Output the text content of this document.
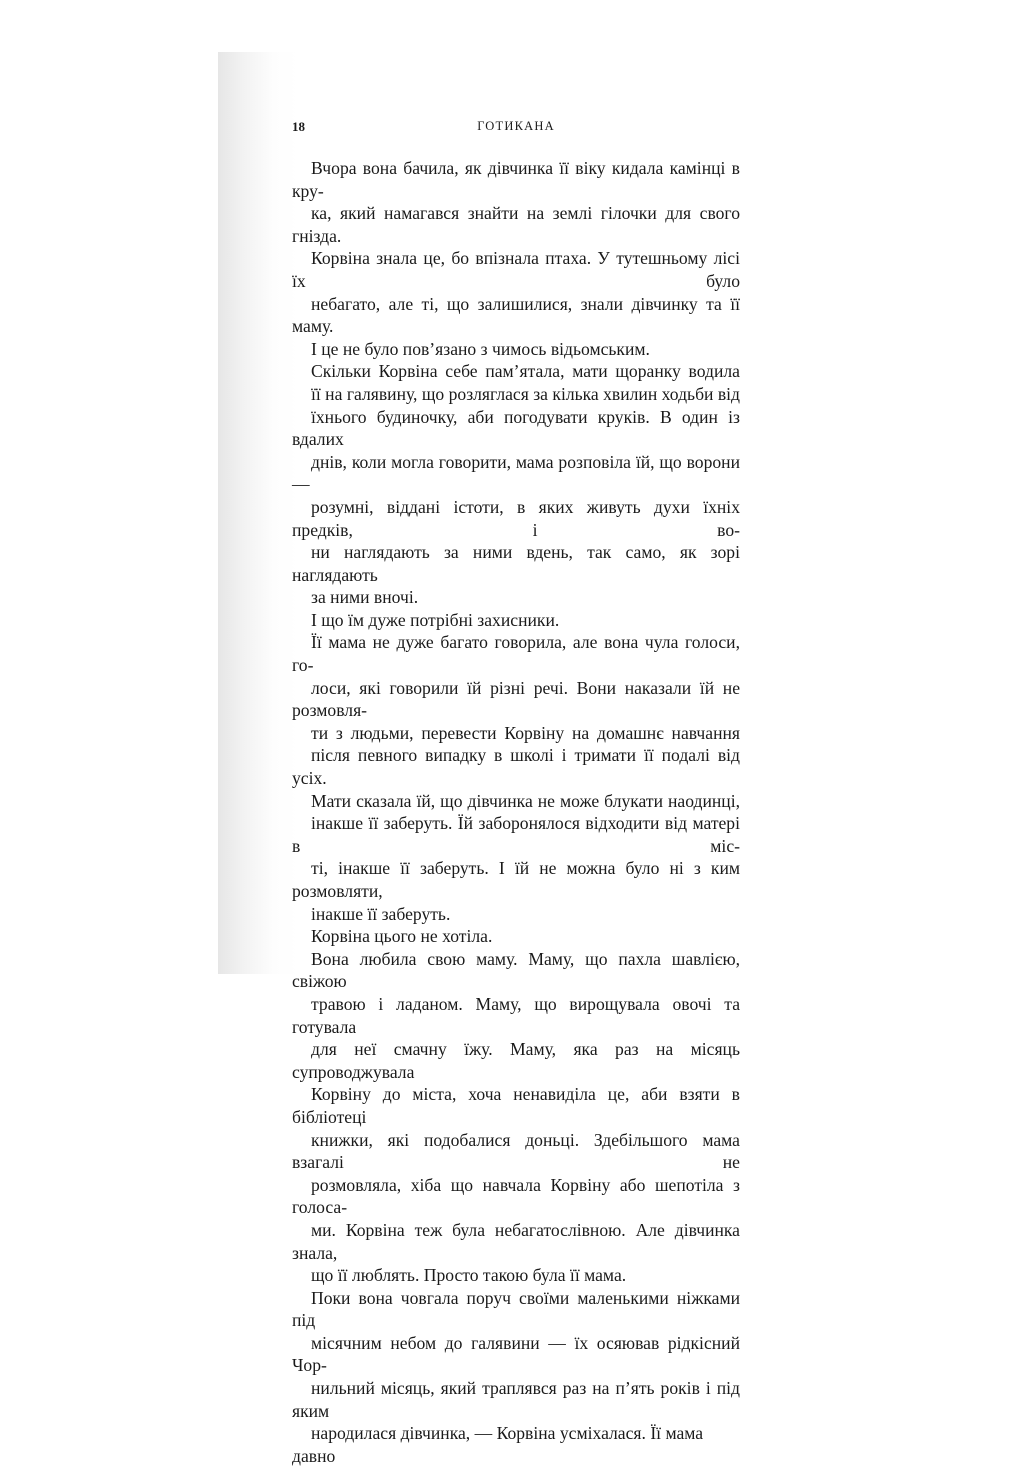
18	ГОТИКАНА

Вчора вона бачила, як дівчинка її віку кидала камінці в кру-
ка, який намагався знайти на землі гілочки для свого гнізда.
Корвіна знала це, бо впізнала птаха. У тутешньому лісі їх було
небагато, але ті, що залишилися, знали дівчинку та її маму.
І це не було пов’язано з чимось відьомським.

Скільки Корвіна себе пам’ятала, мати щоранку водила
її на галявину, що розляглася за кілька хвилин ходьби від
їхнього будиночку, аби погодувати круків. В один із вдалих
днів, коли могла говорити, мама розповіла їй, що ворони —
розумні, віддані істоти, в яких живуть духи їхніх предків, і во-
ни наглядають за ними вдень, так само, як зорі наглядають
за ними вночі.

І що їм дуже потрібні захисники.

Її мама не дуже багато говорила, але вона чула голоси, го-
лоси, які говорили їй різні речі. Вони наказали їй не розмовля-
ти з людьми, перевести Корвіну на домашнє навчання
після певного випадку в школі і тримати її подалі від усіх.
Мати сказала їй, що дівчинка не може блукати наодинці,
інакше її заберуть. Їй заборонялося відходити від матері в міс-
ті, інакше її заберуть. І їй не можна було ні з ким розмовляти,
інакше її заберуть.

Корвіна цього не хотіла.

Вона любила свою маму. Маму, що пахла шавлією, свіжою
травою і ладаном. Маму, що вирощувала овочі та готувала
для неї смачну їжу. Маму, яка раз на місяць супроводжувала
Корвіну до міста, хоча ненавиділа це, аби взяти в бібліотеці
книжки, які подобалися доньці. Здебільшого мама взагалі не
розмовляла, хіба що навчала Корвіну або шепотіла з голоса-
ми. Корвіна теж була небагатослівною. Але дівчинка знала,
що її люблять. Просто такою була її мама.

Поки вона човгала поруч своїми маленькими ніжками під
місячним небом до галявини — їх осяював рідкісний Чор-
нильний місяць, який траплявся раз на п’ять років і під яким
народилася дівчинка, — Корвіна усміхалася. Її мама давно
